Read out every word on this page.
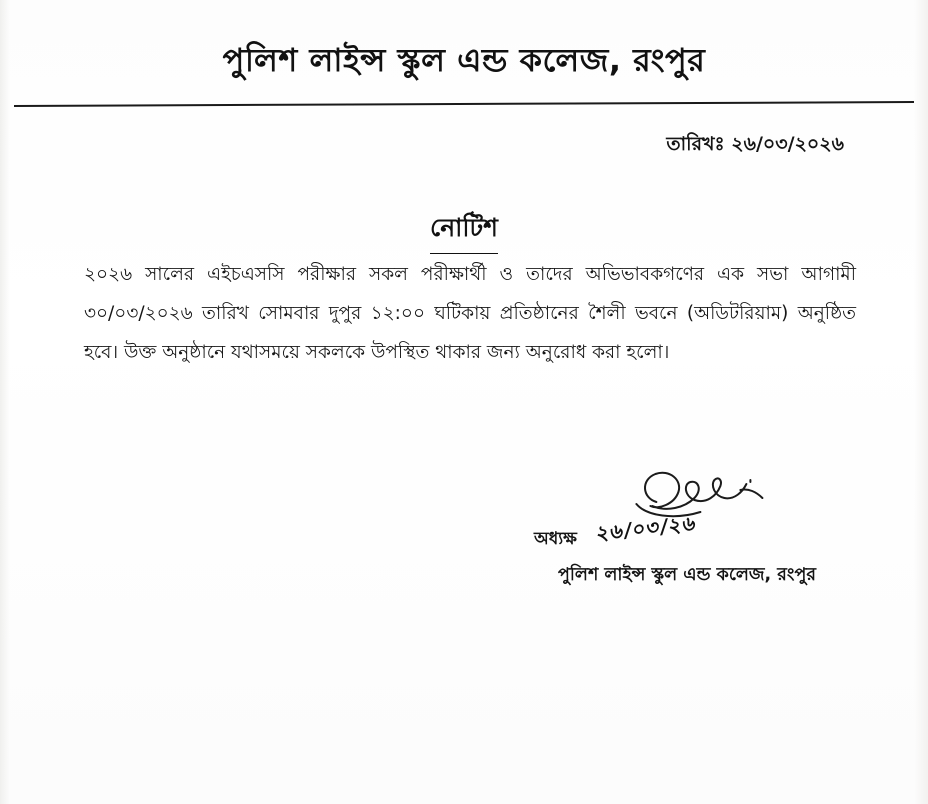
পুলিশ লাইন্স স্কুল এন্ড কলেজ, রংপুর
তারিখঃ ২৬/০৩/২০২৬
নোটিশ

২০২৬ সালের এইচএসসি পরীক্ষার সকল পরীক্ষার্থী ও তাদের অভিভাবকগণের এক সভা আগামী ৩০/০৩/২০২৬ তারিখ সোমবার দুপুর ১২:০০ ঘটিকায় প্রতিষ্ঠানের শৈলী ভবনে (অডিটরিয়াম) অনুষ্ঠিত হবে। উক্ত অনুষ্ঠানে যথাসময়ে সকলকে উপস্থিত থাকার জন্য অনুরোধ করা হলো।

অধ্যক্ষ ২৬/০৩/২৬
পুলিশ লাইন্স স্কুল এন্ড কলেজ, রংপুর
